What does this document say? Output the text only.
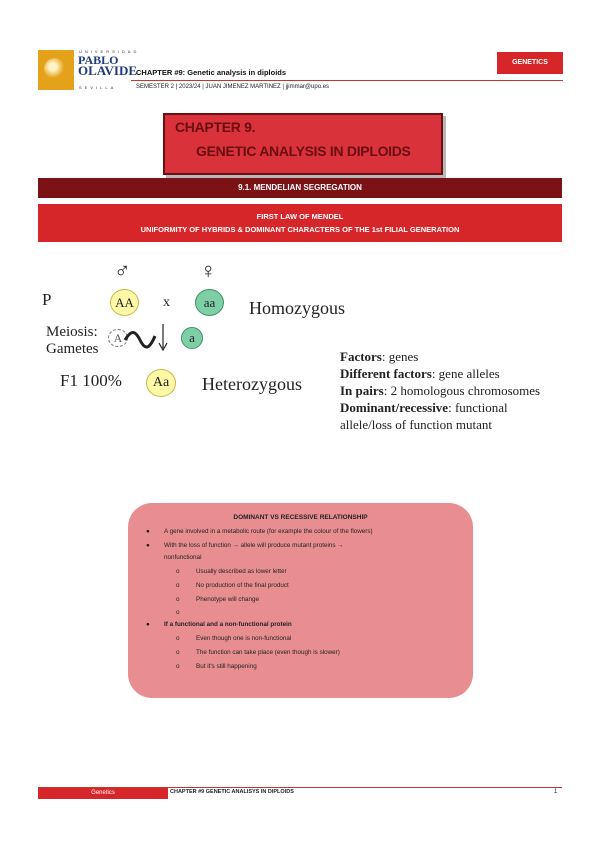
UNIVERSIDAD
PABLO
OLAVIDE
SEVILLA
CHAPTER #9: Genetic analysis in diploids
SEMESTER 2 | 2023/24 | JUAN JIMENEZ MARTINEZ | jjimmar@upo.es
GENETICS
CHAPTER 9.
GENETIC ANALYSIS IN DIPLOIDS
9.1. MENDELIAN SEGREGATION
FIRST LAW OF MENDEL
UNIFORMITY OF HYBRIDS & DOMINANT CHARACTERS OF THE 1st FILIAL GENERATION
♂	♀
P	AA	x	aa	Homozygous
Meiosis:
Gametes
A	a
F1 100%	Aa	Heterozygous
Factors: genes
Different factors: gene alleles
In pairs: 2 homologous chromosomes
Dominant/recessive: functional
allele/loss of function mutant
DOMINANT VS RECESSIVE RELATIONSHIP
● A gene involved in a metabolic route (for example the colour of the flowers)
● With the loss of function → allele will produce mutant proteins →
nonfunctional
o	Usually described as lower letter
o	No production of the final product
o	Phenotype will change
o
● If a functional and a non-functional protein
o	Even though one is non-functional
o	The function can take place (even though is slower)
o	But it's still happening
Genetics	CHAPTER #9 GENETIC ANALISYS IN DIPLOIDS	1
